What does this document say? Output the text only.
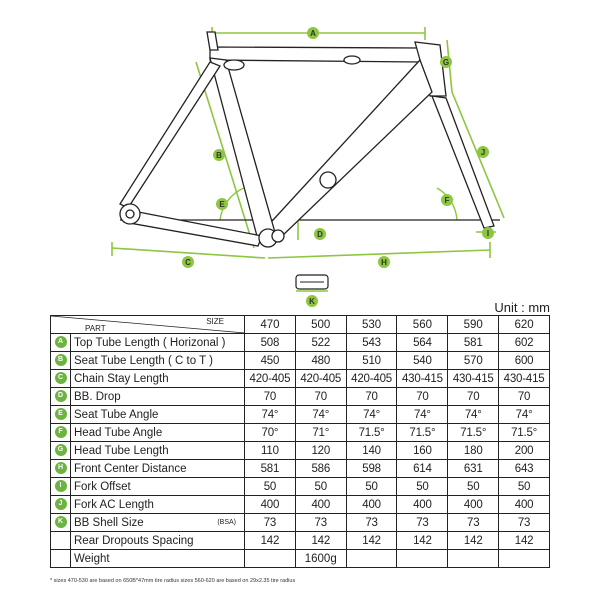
A
B
C
D
E	F
G
H
I
J
K	Unit : mm
PART
SIZE		470	500	530	560	590	620
A	Top Tube Length ( Horizonal )	508	522	543	564	581	602
B	Seat Tube Length ( C to T )	450	480	510	540	570	600
C	Chain Stay Length	420-405	420-405	420-405	430-415	430-415	430-415
D	BB. Drop	70	70	70	70	70	70
E	Seat Tube Angle	74°	74°	74°	74°	74°	74°
F	Head Tube Angle	70°	71°	71.5°	71.5°	71.5°	71.5°
G	Head Tube Length	110	120	140	160	180	200
H	Front Center Distance	581	586	598	614	631	643
I	Fork Offset	50	50	50	50	50	50
J	Fork AC Length	400	400	400	400	400	400
K	BB Shell Size (BSA)	73	73	73	73	73	73
	Rear Dropouts Spacing	142	142	142	142	142	142
	Weight		1600g				
* sizes 470-530 are based on 650B*47mm tire radius sizes 560-620 are based on 29x2.35 tire radius
